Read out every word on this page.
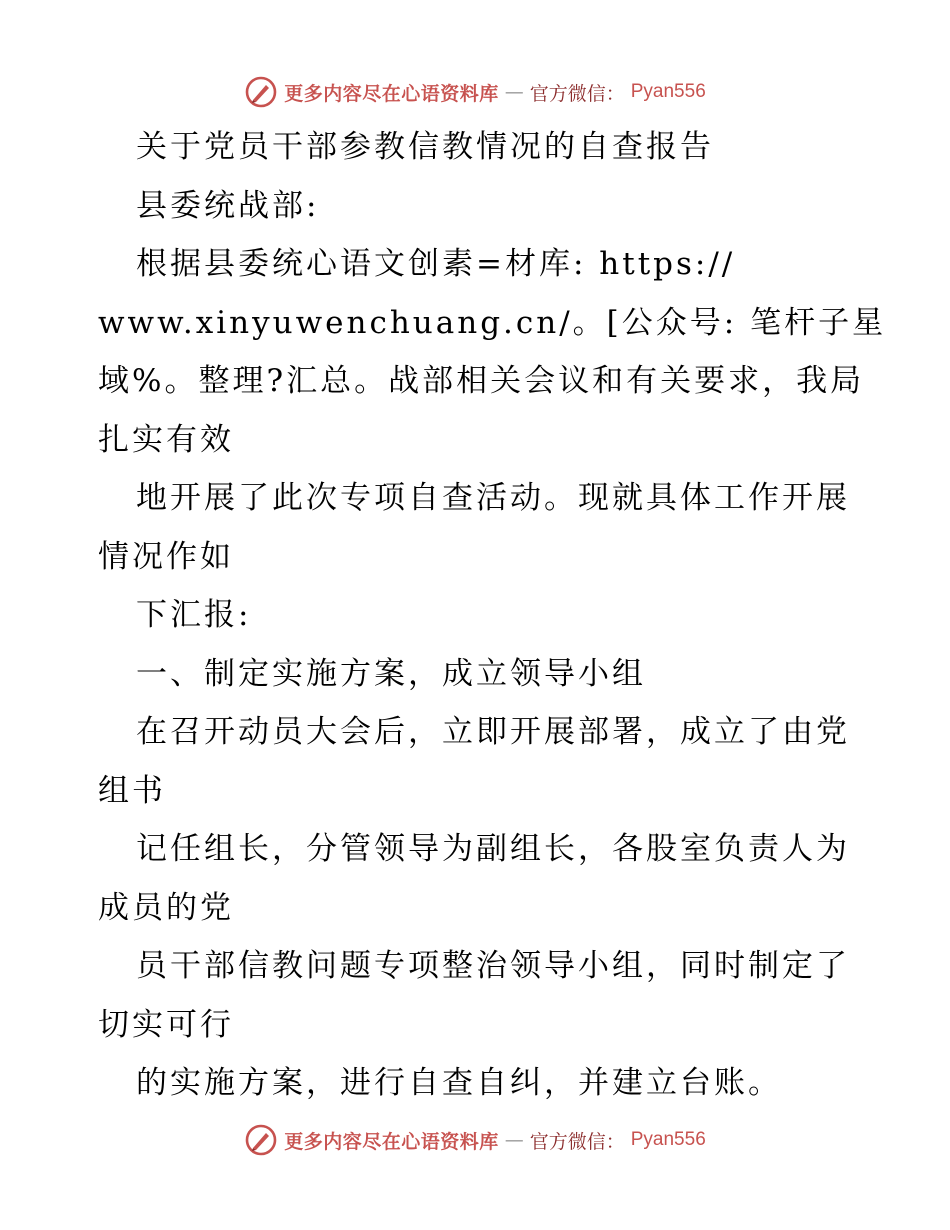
更多内容尽在心语资料库 — 官方微信： Pyan556
关于党员干部参教信教情况的自查报告
县委统战部:
根据县委统心语文创素=材库: https://
www.xinyuwenchuang.cn/。[公众号: 笔杆子星
域%。整理?汇总。战部相关会议和有关要求，我局
扎实有效
地开展了此次专项自查活动。现就具体工作开展
情况作如
下汇报:
一、制定实施方案，成立领导小组
在召开动员大会后，立即开展部署，成立了由党
组书
记任组长，分管领导为副组长，各股室负责人为
成员的党
员干部信教问题专项整治领导小组，同时制定了
切实可行
的实施方案，进行自查自纠，并建立台账。
更多内容尽在心语资料库 — 官方微信： Pyan556
